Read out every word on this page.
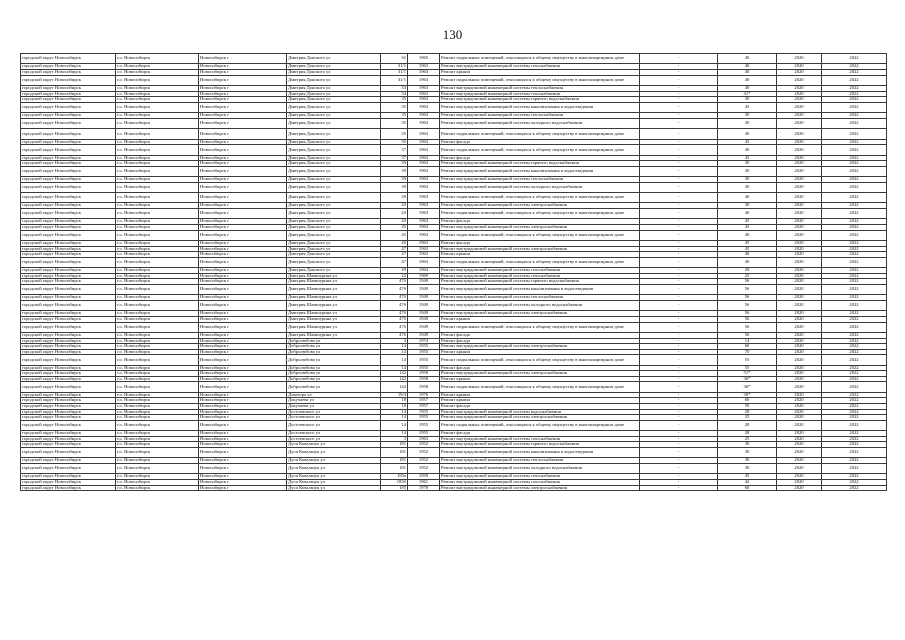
130
городской округ Новосибирск	г.о. Новосибирск	Новосибирск г	Дмитрия Донского ул	31	1965	Ремонт подвальных помещений, относящихся к общему имуществу в многоквартирном доме	-	40	2020	2022
городской округ Новосибирск	г.о. Новосибирск	Новосибирск г	Дмитрия Донского ул	31/1	1963	Ремонт внутридомовой инженерной системы газоснабжения	-	40	2020	2022
городской округ Новосибирск	г.о. Новосибирск	Новосибирск г	Дмитрия Донского ул	31/1	1963	Ремонт крыши	-	40	2020	2022
городской округ Новосибирск	г.о. Новосибирск	Новосибирск г	Дмитрия Донского ул	31/1	1963	Ремонт подвальных помещений, относящихся к общему имуществу в многоквартирном доме	-	40	2020	2022
городской округ Новосибирск	г.о. Новосибирск	Новосибирск г	Дмитрия Донского ул	33	1963	Ремонт внутридомовой инженерной системы теплоснабжения	-	40	2020	2022
городской округ Новосибирск	г.о. Новосибирск	Новосибирск г	Дмитрия Донского ул	34	1963	Ремонт внутридомовой инженерной системы газоснабжения	-	41*	2020	2022
городской округ Новосибирск	г.о. Новосибирск	Новосибирск г	Дмитрия Донского ул	35	1963	Ремонт внутридомовой инженерной системы горячего водоснабжения	-	30	2020	2022
городской округ Новосибирск	г.о. Новосибирск	Новосибирск г	Дмитрия Донского ул	35	1963	Ремонт внутридомовой инженерной системы канализования и водоотведения	-	45	2020	2022
городской округ Новосибирск	г.о. Новосибирск	Новосибирск г	Дмитрия Донского ул	35	1963	Ремонт внутридомовой инженерной системы теплоснабжения	-	30	2020	2022
городской округ Новосибирск	г.о. Новосибирск	Новосибирск г	Дмитрия Донского ул	35	1963	Ремонт внутридомовой инженерной системы холодного водоснабжения	-	30	2020	2022
городской округ Новосибирск	г.о. Новосибирск	Новосибирск г	Дмитрия Донского ул	35	1963	Ремонт подвальных помещений, относящихся к общему имуществу в многоквартирном доме	-	40	2020	2022
городской округ Новосибирск	г.о. Новосибирск	Новосибирск г	Дмитрия Донского ул	35	1963	Ремонт фасада	-	45	2020	2022
городской округ Новосибирск	г.о. Новосибирск	Новосибирск г	Дмитрия Донского ул	37	1963	Ремонт подвальных помещений, относящихся к общему имуществу в многоквартирном доме	-	40	2020	2022
городской округ Новосибирск	г.о. Новосибирск	Новосибирск г	Дмитрия Донского ул	37	1963	Ремонт фасада	-	45	2020	2022
городской округ Новосибирск	г.о. Новосибирск	Новосибирск г	Дмитрия Донского ул	39	1963	Ремонт внутридомовой инженерной системы горячего водоснабжения	-	30	2020	2022
городской округ Новосибирск	г.о. Новосибирск	Новосибирск г	Дмитрия Донского ул	39	1963	Ремонт внутридомовой инженерной системы канализования и водоотведения	-	30	2020	2022
городской округ Новосибирск	г.о. Новосибирск	Новосибирск г	Дмитрия Донского ул	39	1963	Ремонт внутридомовой инженерной системы теплоснабжения	-	30	2020	2022
городской округ Новосибирск	г.о. Новосибирск	Новосибирск г	Дмитрия Донского ул	39	1963	Ремонт внутридомовой инженерной системы холодного водоснабжения	-	30	2020	2022
городской округ Новосибирск	г.о. Новосибирск	Новосибирск г	Дмитрия Донского ул	39	1963	Ремонт подвальных помещений, относящихся к общему имуществу в многоквартирном доме	-	40	2020	2022
городской округ Новосибирск	г.о. Новосибирск	Новосибирск г	Дмитрия Донского ул	43	1963	Ремонт внутридомовой инженерной системы электроснабжения	-	30	2020	2022
городской округ Новосибирск	г.о. Новосибирск	Новосибирск г	Дмитрия Донского ул	43	1963	Ремонт подвальных помещений, относящихся к общему имуществу в многоквартирном доме	-	40	2020	2022
городской округ Новосибирск	г.о. Новосибирск	Новосибирск г	Дмитрия Донского ул	43	1963	Ремонт фасада	-	45	2020	2022
городской округ Новосибирск	г.о. Новосибирск	Новосибирск г	Дмитрия Донского ул	45	1963	Ремонт внутридомовой инженерной системы электроснабжения	-	45	2020	2022
городской округ Новосибирск	г.о. Новосибирск	Новосибирск г	Дмитрия Донского ул	45	1963	Ремонт подвальных помещений, относящихся к общему имуществу в многоквартирном доме	-	40	2020	2022
городской округ Новосибирск	г.о. Новосибирск	Новосибирск г	Дмитрия Донского ул	45	1963	Ремонт фасада	-	45	2020	2022
городской округ Новосибирск	г.о. Новосибирск	Новосибирск г	Дмитрия Донского ул	47	1963	Ремонт внутридомовой инженерной системы электроснабжения	-	45	2020	2022
городской округ Новосибирск	г.о. Новосибирск	Новосибирск г	Дмитрия Донского ул	47	1963	Ремонт крыши	-	40	2020	2022
городской округ Новосибирск	г.о. Новосибирск	Новосибирск г	Дмитрия Донского ул	47	1963	Ремонт подвальных помещений, относящихся к общему имуществу в многоквартирном доме	-	40	2020	2022
городской округ Новосибирск	г.о. Новосибирск	Новосибирск г	Дмитрия Донского ул	49	1964	Ремонт внутридомовой инженерной системы газоснабжения	-	29	2020	2022
городской округ Новосибирск	г.о. Новосибирск	Новосибирск г	Дмитрия Шамшурина ул	22	1969	Ремонт внутридомовой инженерной системы газоснабжения	-	25	2020	2022
городской округ Новосибирск	г.о. Новосибирск	Новосибирск г	Дмитрия Шамшурина ул	47б	1949	Ремонт внутридомовой инженерной системы горячего водоснабжения	-	56	2020	2022
городской округ Новосибирск	г.о. Новосибирск	Новосибирск г	Дмитрия Шамшурина ул	47б	1949	Ремонт внутридомовой инженерной системы канализования и водоотведения	-	56	2020	2022
городской округ Новосибирск	г.о. Новосибирск	Новосибирск г	Дмитрия Шамшурина ул	47б	1949	Ремонт внутридомовой инженерной системы теплоснабжения	-	56	2020	2022
городской округ Новосибирск	г.о. Новосибирск	Новосибирск г	Дмитрия Шамшурина ул	47б	1949	Ремонт внутридомовой инженерной системы холодного водоснабжения	-	56	2020	2022
городской округ Новосибирск	г.о. Новосибирск	Новосибирск г	Дмитрия Шамшурина ул	47б	1949	Ремонт внутридомовой инженерной системы электроснабжения	-	56	2020	2022
городской округ Новосибирск	г.о. Новосибирск	Новосибирск г	Дмитрия Шамшурина ул	47б	1949	Ремонт крыши	-	56	2020	2022
городской округ Новосибирск	г.о. Новосибирск	Новосибирск г	Дмитрия Шамшурина ул	47б	1949	Ремонт подвальных помещений, относящихся к общему имуществу в многоквартирном доме	-	56	2020	2022
городской округ Новосибирск	г.о. Новосибирск	Новосибирск г	Дмитрия Шамшурина ул	47б	1949	Ремонт фасада	-	56	2020	2022
городской округ Новосибирск	г.о. Новосибирск	Новосибирск г	Добролюбова ул	3	1974	Ремонт фасада	-	14	2020	2022
городской округ Новосибирск	г.о. Новосибирск	Новосибирск г	Добролюбова ул	14	1955	Ремонт внутридомовой инженерной системы электроснабжения	-	60	2020	2022
городской округ Новосибирск	г.о. Новосибирск	Новосибирск г	Добролюбова ул	14	1955	Ремонт крыши	-	70	2020	2022
городской округ Новосибирск	г.о. Новосибирск	Новосибирск г	Добролюбова ул	14	1955	Ремонт подвальных помещений, относящихся к общему имуществу в многоквартирном доме	-	55	2020	2022
городской округ Новосибирск	г.о. Новосибирск	Новосибирск г	Добролюбова ул	14	1955	Ремонт фасада	-	55	2020	2022
городской округ Новосибирск	г.о. Новосибирск	Новосибирск г	Добролюбова ул	142	1958	Ремонт внутридомовой инженерной системы электроснабжения	-	51*	2020	2022
городской округ Новосибирск	г.о. Новосибирск	Новосибирск г	Добролюбова ул	142	1958	Ремонт крыши	-	36*	2020	2022
городской округ Новосибирск	г.о. Новосибирск	Новосибирск г	Добролюбова ул	142	1958	Ремонт подвальных помещений, относящихся к общему имуществу в многоквартирном доме	-	36*	2020	2022
городской округ Новосибирск	г.о. Новосибирск	Новосибирск г	Доватора ул	19/4	1976	Ремонт крыши	-	30*	2020	2022
городской округ Новосибирск	г.о. Новосибирск	Новосибирск г	Докучаева ул	18	1957	Ремонт крыши	-	60	2020	2022
городской округ Новосибирск	г.о. Новосибирск	Новосибирск г	Докучаева ул	18	1957	Ремонт фасада	-	50	2020	2022
городской округ Новосибирск	г.о. Новосибирск	Новосибирск г	Достоевского ул	14	1955	Ремонт внутридомовой инженерной системы водоснабжения	-	28	2020	2022
городской округ Новосибирск	г.о. Новосибирск	Новосибирск г	Достоевского ул	14	1955	Ремонт внутридомовой инженерной системы электроснабжения	-	25	2020	2022
городской округ Новосибирск	г.о. Новосибирск	Новосибирск г	Достоевского ул	14	1955	Ремонт подвальных помещений, относящихся к общему имуществу в многоквартирном доме	-	28	2020	2022
городской округ Новосибирск	г.о. Новосибирск	Новосибирск г	Достоевского ул	14	1955	Ремонт фасада	-	28	2020	2022
городской округ Новосибирск	г.о. Новосибирск	Новосибирск г	Достоевского ул	3	1963	Ремонт внутридомовой инженерной системы газоснабжения	-	25	2020	2022
городской округ Новосибирск	г.о. Новосибирск	Новосибирск г	Дуси Ковальчук ул	181	1952	Ремонт внутридомовой инженерной системы горячего водоснабжения	-	30	2020	2022
городской округ Новосибирск	г.о. Новосибирск	Новосибирск г	Дуси Ковальчук ул	181	1952	Ремонт внутридомовой инженерной системы канализования и водоотведения	-	30	2020	2022
городской округ Новосибирск	г.о. Новосибирск	Новосибирск г	Дуси Ковальчук ул	181	1952	Ремонт внутридомовой инженерной системы теплоснабжения	-	30	2020	2022
городской округ Новосибирск	г.о. Новосибирск	Новосибирск г	Дуси Ковальчук ул	181	1952	Ремонт внутридомовой инженерной системы холодного водоснабжения	-	30	2020	2022
городской округ Новосибирск	г.о. Новосибирск	Новосибирск г	Дуси Ковальчук ул	183а	1959	Ремонт внутридомовой инженерной системы газоснабжения	-	45	2020	2022
городской округ Новосибирск	г.о. Новосибирск	Новосибирск г	Дуси Ковальчук ул	183б	1961	Ремонт внутридомовой инженерной системы газоснабжения	-	42	2020	2022
городской округ Новосибирск	г.о. Новосибирск	Новосибирск г	Дуси Ковальчук ул	185	1978	Ремонт внутридомовой инженерной системы электроснабжения	-	60	2020	2022
